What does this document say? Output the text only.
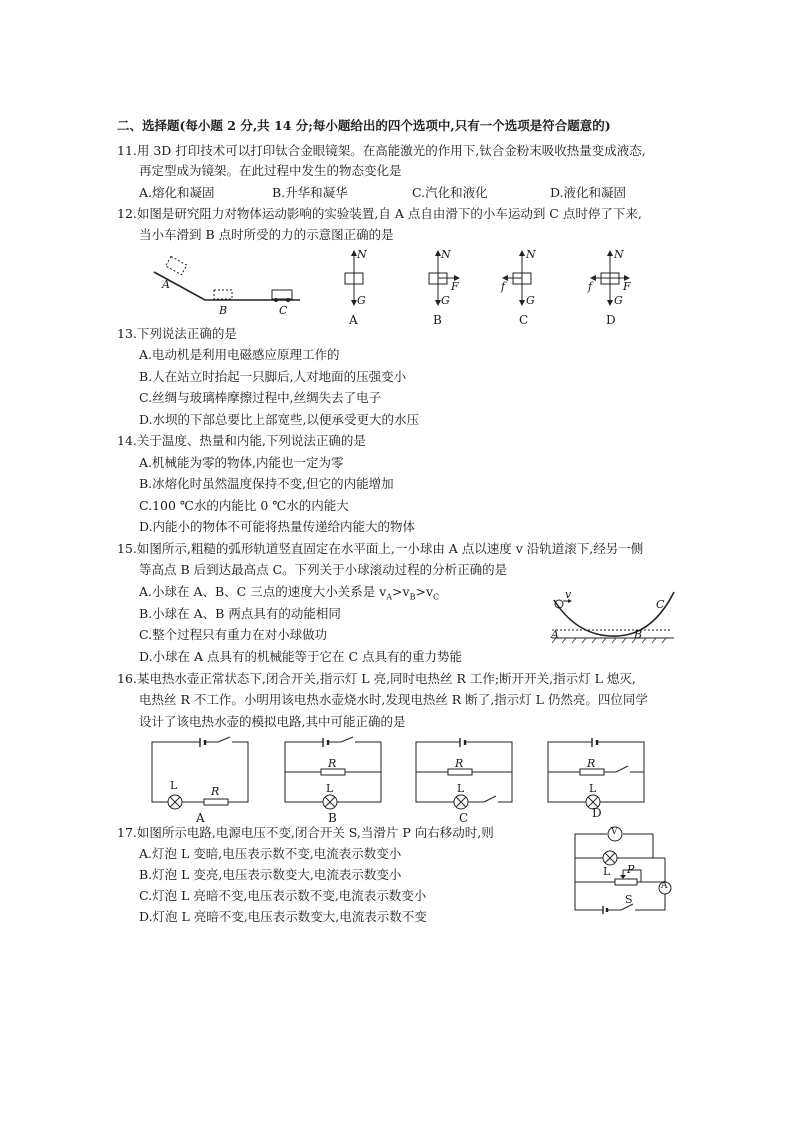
二、选择题(每小题 2 分,共 14 分;每小题给出的四个选项中,只有一个选项是符合题意的)
11.用 3D 打印技术可以打印钛合金眼镜架。在高能激光的作用下,钛合金粉末吸收热量变成液态,
再定型成为镜架。在此过程中发生的物态变化是
A.熔化和凝固	B.升华和凝华	C.汽化和液化	D.液化和凝固
12.如图是研究阻力对物体运动影响的实验装置,自 A 点自由滑下的小车运动到 C 点时停了下来,
当小车滑到 B 点时所受的力的示意图正确的是
A
B	C
N
G
A
N
F
G
B
N
f
G
C
N
f	F
G
D
13.下列说法正确的是
A.电动机是利用电磁感应原理工作的
B.人在站立时抬起一只脚后,人对地面的压强变小
C.丝绸与玻璃棒摩擦过程中,丝绸失去了电子
D.水坝的下部总要比上部宽些,以便承受更大的水压
14.关于温度、热量和内能,下列说法正确的是
A.机械能为零的物体,内能也一定为零
B.冰熔化时虽然温度保持不变,但它的内能增加
C.100 ℃水的内能比 0 ℃水的内能大
D.内能小的物体不可能将热量传递给内能大的物体
15.如图所示,粗糙的弧形轨道竖直固定在水平面上,一小球由 A 点以速度 v 沿轨道滚下,经另一侧
等高点 B 后到达最高点 C。下列关于小球滚动过程的分析正确的是
A.小球在 A、B、C 三点的速度大小关系是 $v_A>v_B>v_C$
B.小球在 A、B 两点具有的动能相同
C.整个过程只有重力在对小球做功
D.小球在 A 点具有的机械能等于它在 C 点具有的重力势能
v
A	B
C
16.某电热水壶正常状态下,闭合开关,指示灯 L 亮,同时电热丝 R 工作;断开开关,指示灯 L 熄灭,
电热丝 R 不工作。小明用该电热水壶烧水时,发现电热丝 R 断了,指示灯 L 仍然亮。四位同学
设计了该电热水壶的模拟电路,其中可能正确的是
L	R
A
R
L
B
R
L
C
R
L
D
17.如图所示电路,电源电压不变,闭合开关 S,当滑片 P 向右移动时,则
A.灯泡 L 变暗,电压表示数不变,电流表示数变小
B.灯泡 L 变亮,电压表示数变大,电流表示数变小
C.灯泡 L 亮暗不变,电压表示数不变,电流表示数变小
D.灯泡 L 亮暗不变,电压表示数变大,电流表示数不变
V
L
A
P
S
